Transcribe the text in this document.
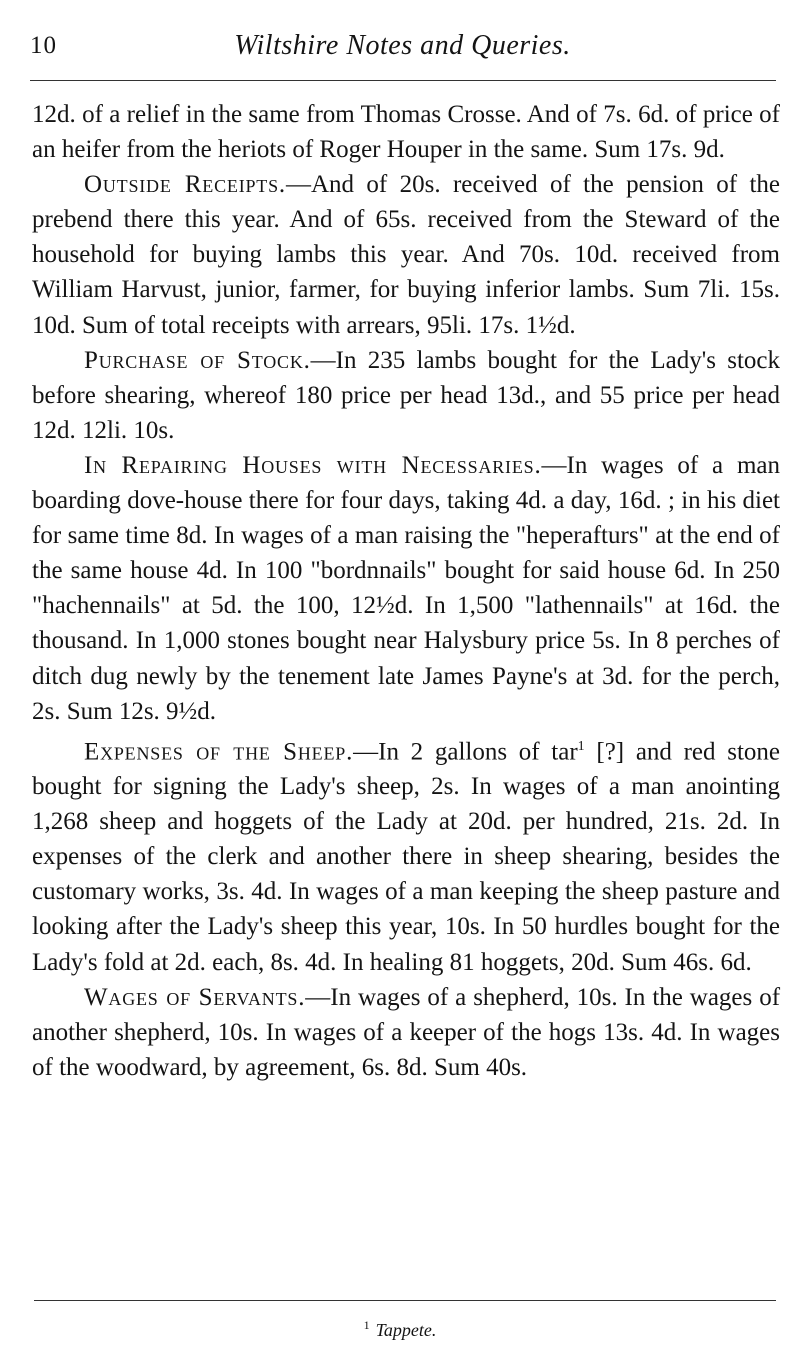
10	Wiltshire Notes and Queries.

12d. of a relief in the same from Thomas Crosse. And of 7s. 6d. of price of an heifer from the heriots of Roger Houper in the same. Sum 17s. 9d.

Outside Receipts.—And of 20s. received of the pension of the prebend there this year. And of 65s. received from the Steward of the household for buying lambs this year. And 70s. 10d. received from William Harvust, junior, farmer, for buying inferior lambs. Sum 7li. 15s. 10d. Sum of total receipts with arrears, 95li. 17s. 1½d.

Purchase of Stock.—In 235 lambs bought for the Lady's stock before shearing, whereof 180 price per head 13d., and 55 price per head 12d. 12li. 10s.

In Repairing Houses with Necessaries.—In wages of a man boarding dove-house there for four days, taking 4d. a day, 16d. ; in his diet for same time 8d. In wages of a man raising the "heperafturs" at the end of the same house 4d. In 100 "bordnnails" bought for said house 6d. In 250 "hachennails" at 5d. the 100, 12½d. In 1,500 "lathennails" at 16d. the thousand. In 1,000 stones bought near Halysbury price 5s. In 8 perches of ditch dug newly by the tenement late James Payne's at 3d. for the perch, 2s. Sum 12s. 9½d.

Expenses of the Sheep.—In 2 gallons of tar$^1$ [?] and red stone bought for signing the Lady's sheep, 2s. In wages of a man anointing 1,268 sheep and hoggets of the Lady at 20d. per hundred, 21s. 2d. In expenses of the clerk and another there in sheep shearing, besides the customary works, 3s. 4d. In wages of a man keeping the sheep pasture and looking after the Lady's sheep this year, 10s. In 50 hurdles bought for the Lady's fold at 2d. each, 8s. 4d. In healing 81 hoggets, 20d. Sum 46s. 6d.

Wages of Servants.—In wages of a shepherd, 10s. In the wages of another shepherd, 10s. In wages of a keeper of the hogs 13s. 4d. In wages of the woodward, by agreement, 6s. 8d. Sum 40s.

$^1$ Tappete.
